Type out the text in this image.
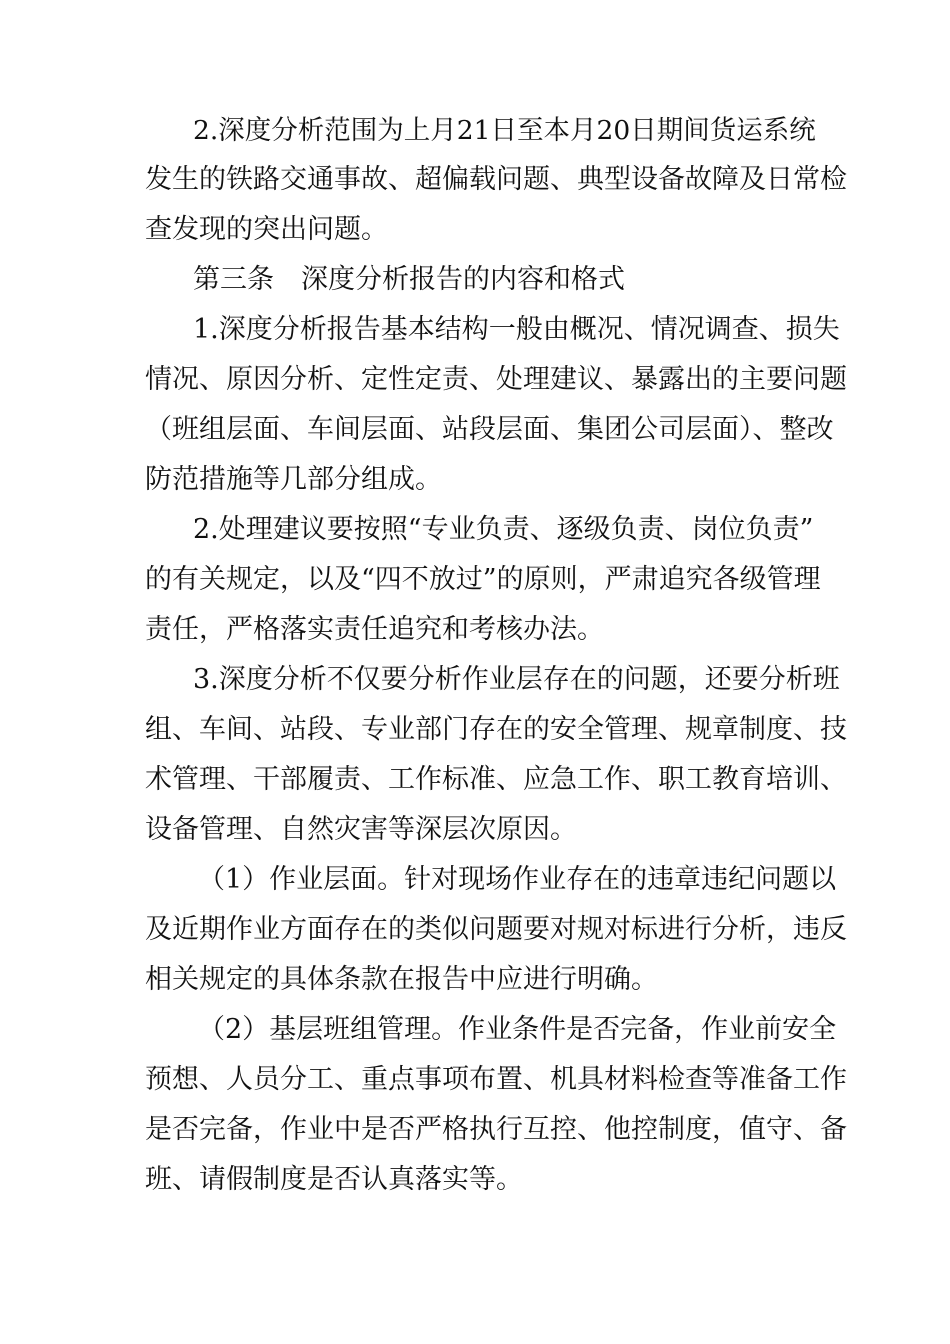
2.深度分析范围为上月21日至本月20日期间货运系统
发生的铁路交通事故、超偏载问题、典型设备故障及日常检
查发现的突出问题。
第三条　深度分析报告的内容和格式
1.深度分析报告基本结构一般由概况、情况调查、损失
情况、原因分析、定性定责、处理建议、暴露出的主要问题
（班组层面、车间层面、站段层面、集团公司层面）、整改
防范措施等几部分组成。
2.处理建议要按照“专业负责、逐级负责、岗位负责”
的有关规定，以及“四不放过”的原则，严肃追究各级管理
责任，严格落实责任追究和考核办法。
3.深度分析不仅要分析作业层存在的问题，还要分析班
组、车间、站段、专业部门存在的安全管理、规章制度、技
术管理、干部履责、工作标准、应急工作、职工教育培训、
设备管理、自然灾害等深层次原因。
（1）作业层面。针对现场作业存在的违章违纪问题以
及近期作业方面存在的类似问题要对规对标进行分析，违反
相关规定的具体条款在报告中应进行明确。
（2）基层班组管理。作业条件是否完备，作业前安全
预想、人员分工、重点事项布置、机具材料检查等准备工作
是否完备，作业中是否严格执行互控、他控制度，值守、备
班、请假制度是否认真落实等。
